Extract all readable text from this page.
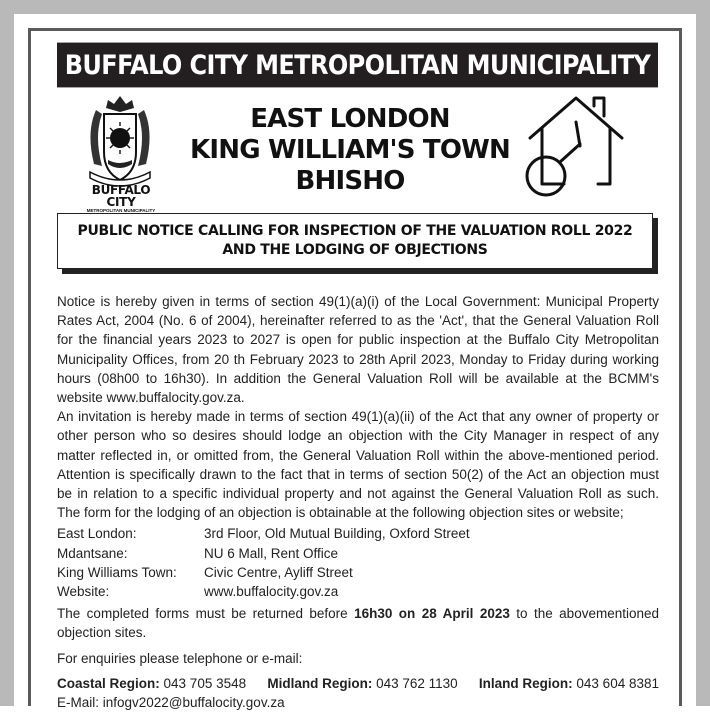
BUFFALO CITY METROPOLITAN MUNICIPALITY
BUFFALO CITY
METROPOLITAN MUNICIPALITY
EAST LONDON
KING WILLIAM'S TOWN
BHISHO
PUBLIC NOTICE CALLING FOR INSPECTION OF THE VALUATION ROLL 2022
AND THE LODGING OF OBJECTIONS

Notice is hereby given in terms of section 49(1)(a)(i) of the Local Government: Municipal Property Rates Act, 2004 (No. 6 of 2004), hereinafter referred to as the 'Act', that the General Valuation Roll for the financial years 2023 to 2027 is open for public inspection at the Buffalo City Metropolitan Municipality Offices, from 20 th February 2023 to 28th April 2023, Monday to Friday during working hours (08h00 to 16h30). In addition the General Valuation Roll will be available at the BCMM's website www.buffalocity.gov.za.

An invitation is hereby made in terms of section 49(1)(a)(ii) of the Act that any owner of property or other person who so desires should lodge an objection with the City Manager in respect of any matter reflected in, or omitted from, the General Valuation Roll within the above-mentioned period. Attention is specifically drawn to the fact that in terms of section 50(2) of the Act an objection must be in relation to a specific individual property and not against the General Valuation Roll as such. The form for the lodging of an objection is obtainable at the following objection sites or website;

East London:	3rd Floor, Old Mutual Building, Oxford Street
Mdantsane:	NU 6 Mall, Rent Office
King Williams Town:	Civic Centre, Ayliff Street
Website:	www.buffalocity.gov.za

The completed forms must be returned before 16h30 on 28 April 2023 to the abovementioned objection sites.

For enquiries please telephone or e-mail:

Coastal Region: 043 705 3548 Midland Region: 043 762 1130 Inland Region: 043 604 8381

E-Mail: infogv2022@buffalocity.gov.za
